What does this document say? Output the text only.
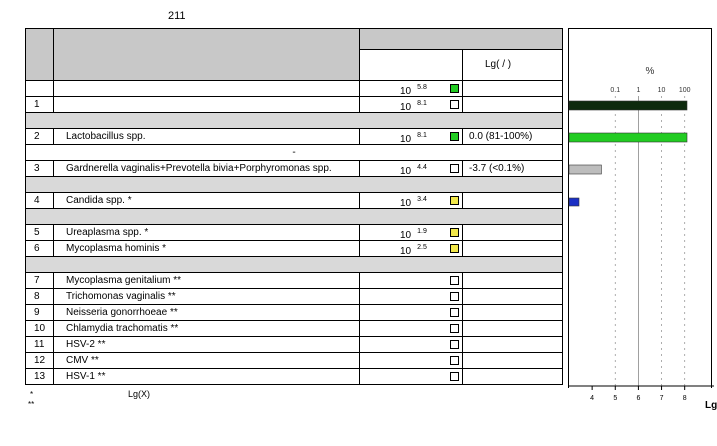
211

			Lg( / )

		10 $^{5.8}$

1		10 $^{8.1}$

2	Lactobacillus spp.	10 $^{8.1}$	0.0 (81-100%)
-			
3	Gardnerella vaginalis+Prevotella bivia+Porphyromonas spp.	10 $^{4.4}$	-3.7 (<0.1%)

4	Candida spp. *	10 $^{3.4}$

5	Ureaplasma spp. *	10 $^{1.9}$

6	Mycoplasma hominis *	10 $^{2.5}$

7	Mycoplasma genitalium **	

8	Trichomonas vaginalis **	

9	Neisseria gonorrhoeae **	

10	Chlamydia trachomatis **	

11	HSV-2 **	

12	CMV **	

13	HSV-1 **	

%
0.1 1 10 100
4	5	6	7	8
Lg
*
**
Lg(X)
